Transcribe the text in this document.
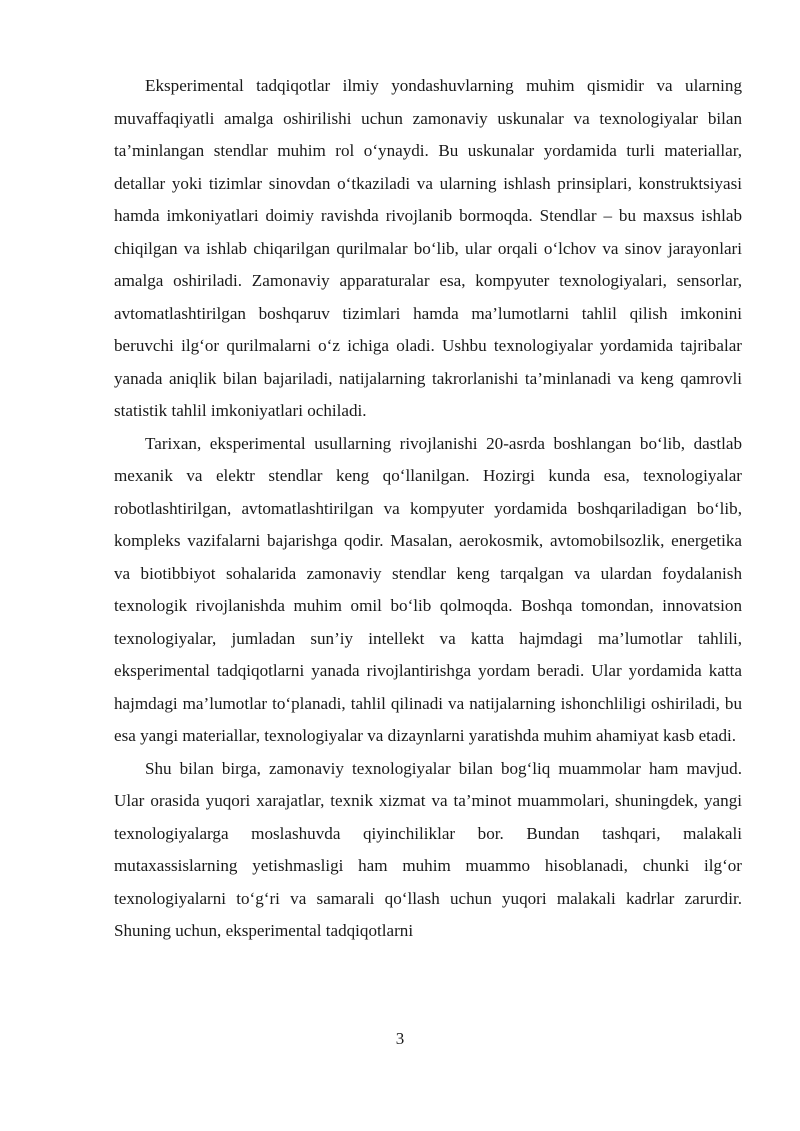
Eksperimental tadqiqotlar ilmiy yondashuvlarning muhim qismidir va ularning muvaffaqiyatli amalga oshirilishi uchun zamonaviy uskunalar va texnologiyalar bilan ta’minlangan stendlar muhim rol o‘ynaydi. Bu uskunalar yordamida turli materiallar, detallar yoki tizimlar sinovdan o‘tkaziladi va ularning ishlash prinsiplari, konstruktsiyasi hamda imkoniyatlari doimiy ravishda rivojlanib bormoqda. Stendlar – bu maxsus ishlab chiqilgan va ishlab chiqarilgan qurilmalar bo‘lib, ular orqali o‘lchov va sinov jarayonlari amalga oshiriladi. Zamonaviy apparaturalar esa, kompyuter texnologiyalari, sensorlar, avtomatlashtirilgan boshqaruv tizimlari hamda ma’lumotlarni tahlil qilish imkonini beruvchi ilg‘or qurilmalarni o‘z ichiga oladi. Ushbu texnologiyalar yordamida tajribalar yanada aniqlik bilan bajariladi, natijalarning takrorlanishi ta’minlanadi va keng qamrovli statistik tahlil imkoniyatlari ochiladi.

Tarixan, eksperimental usullarning rivojlanishi 20-asrda boshlangan bo‘lib, dastlab mexanik va elektr stendlar keng qo‘llanilgan. Hozirgi kunda esa, texnologiyalar robotlashtirilgan, avtomatlashtirilgan va kompyuter yordamida boshqariladigan bo‘lib, kompleks vazifalarni bajarishga qodir. Masalan, aerokosmik, avtomobilsozlik, energetika va biotibbiyot sohalarida zamonaviy stendlar keng tarqalgan va ulardan foydalanish texnologik rivojlanishda muhim omil bo‘lib qolmoqda. Boshqa tomondan, innovatsion texnologiyalar, jumladan sun’iy intellekt va katta hajmdagi ma’lumotlar tahlili, eksperimental tadqiqotlarni yanada rivojlantirishga yordam beradi. Ular yordamida katta hajmdagi ma’lumotlar to‘planadi, tahlil qilinadi va natijalarning ishonchliligi oshiriladi, bu esa yangi materiallar, texnologiyalar va dizaynlarni yaratishda muhim ahamiyat kasb etadi.

Shu bilan birga, zamonaviy texnologiyalar bilan bog‘liq muammolar ham mavjud. Ular orasida yuqori xarajatlar, texnik xizmat va ta’minot muammolari, shuningdek, yangi texnologiyalarga moslashuvda qiyinchiliklar bor. Bundan tashqari, malakali mutaxassislarning yetishmasligi ham muhim muammo hisoblanadi, chunki ilg‘or texnologiyalarni to‘g‘ri va samarali qo‘llash uchun yuqori malakali kadrlar zarurdir. Shuning uchun, eksperimental tadqiqotlarni

3
